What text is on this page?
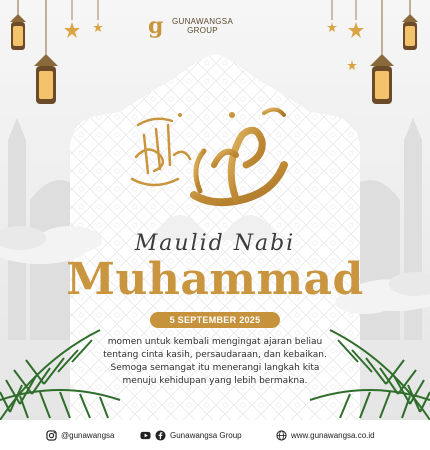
g GUNAWANGSA
GROUP
Maulid Nabi
Muhammad
5 SEPTEMBER 2025
momen untuk kembali mengingat ajaran beliau
tentang cinta kasih, persaudaraan, dan kebaikan.
Semoga semangat itu menerangi langkah kita
menuju kehidupan yang lebih bermakna.
@gunawangsa	Gunawangsa Group	www.gunawangsa.co.id
